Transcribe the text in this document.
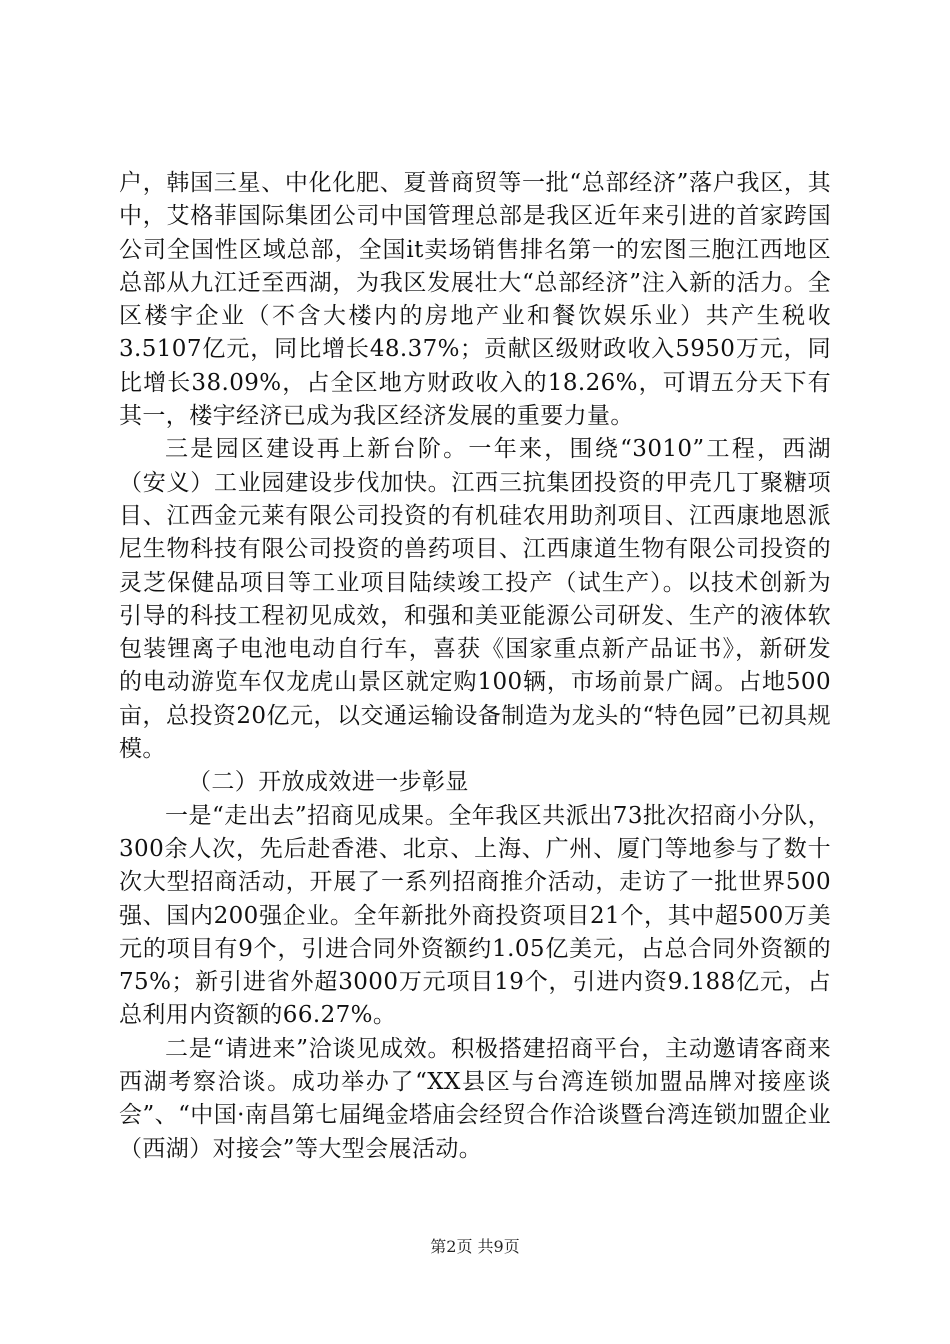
户，韩国三星、中化化肥、夏普商贸等一批“总部经济”落户我区，其中，艾格菲国际集团公司中国管理总部是我区近年来引进的首家跨国公司全国性区域总部，全国it卖场销售排名第一的宏图三胞江西地区总部从九江迁至西湖，为我区发展壮大“总部经济”注入新的活力。全区楼宇企业（不含大楼内的房地产业和餐饮娱乐业）共产生税收3.5107亿元，同比增长48.37%；贡献区级财政收入5950万元，同比增长38.09%，占全区地方财政收入的18.26%，可谓五分天下有其一，楼宇经济已成为我区经济发展的重要力量。

三是园区建设再上新台阶。一年来，围绕“3010”工程，西湖（安义）工业园建设步伐加快。江西三抗集团投资的甲壳几丁聚糖项目、江西金元莱有限公司投资的有机硅农用助剂项目、江西康地恩派尼生物科技有限公司投资的兽药项目、江西康道生物有限公司投资的灵芝保健品项目等工业项目陆续竣工投产（试生产）。以技术创新为引导的科技工程初见成效，和强和美亚能源公司研发、生产的液体软包装锂离子电池电动自行车，喜获《国家重点新产品证书》，新研发的电动游览车仅龙虎山景区就定购100辆，市场前景广阔。占地500亩，总投资20亿元，以交通运输设备制造为龙头的“特色园”已初具规模。

（二）开放成效进一步彰显

一是“走出去”招商见成果。全年我区共派出73批次招商小分队，300余人次，先后赴香港、北京、上海、广州、厦门等地参与了数十次大型招商活动，开展了一系列招商推介活动，走访了一批世界500强、国内200强企业。全年新批外商投资项目21个，其中超500万美元的项目有9个，引进合同外资额约1.05亿美元，占总合同外资额的75%；新引进省外超3000万元项目19个，引进内资9.188亿元，占总利用内资额的66.27%。

二是“请进来”洽谈见成效。积极搭建招商平台，主动邀请客商来西湖考察洽谈。成功举办了“XX县区与台湾连锁加盟品牌对接座谈会”、“中国·南昌第七届绳金塔庙会经贸合作洽谈暨台湾连锁加盟企业（西湖）对接会”等大型会展活动。

第2页 共9页
